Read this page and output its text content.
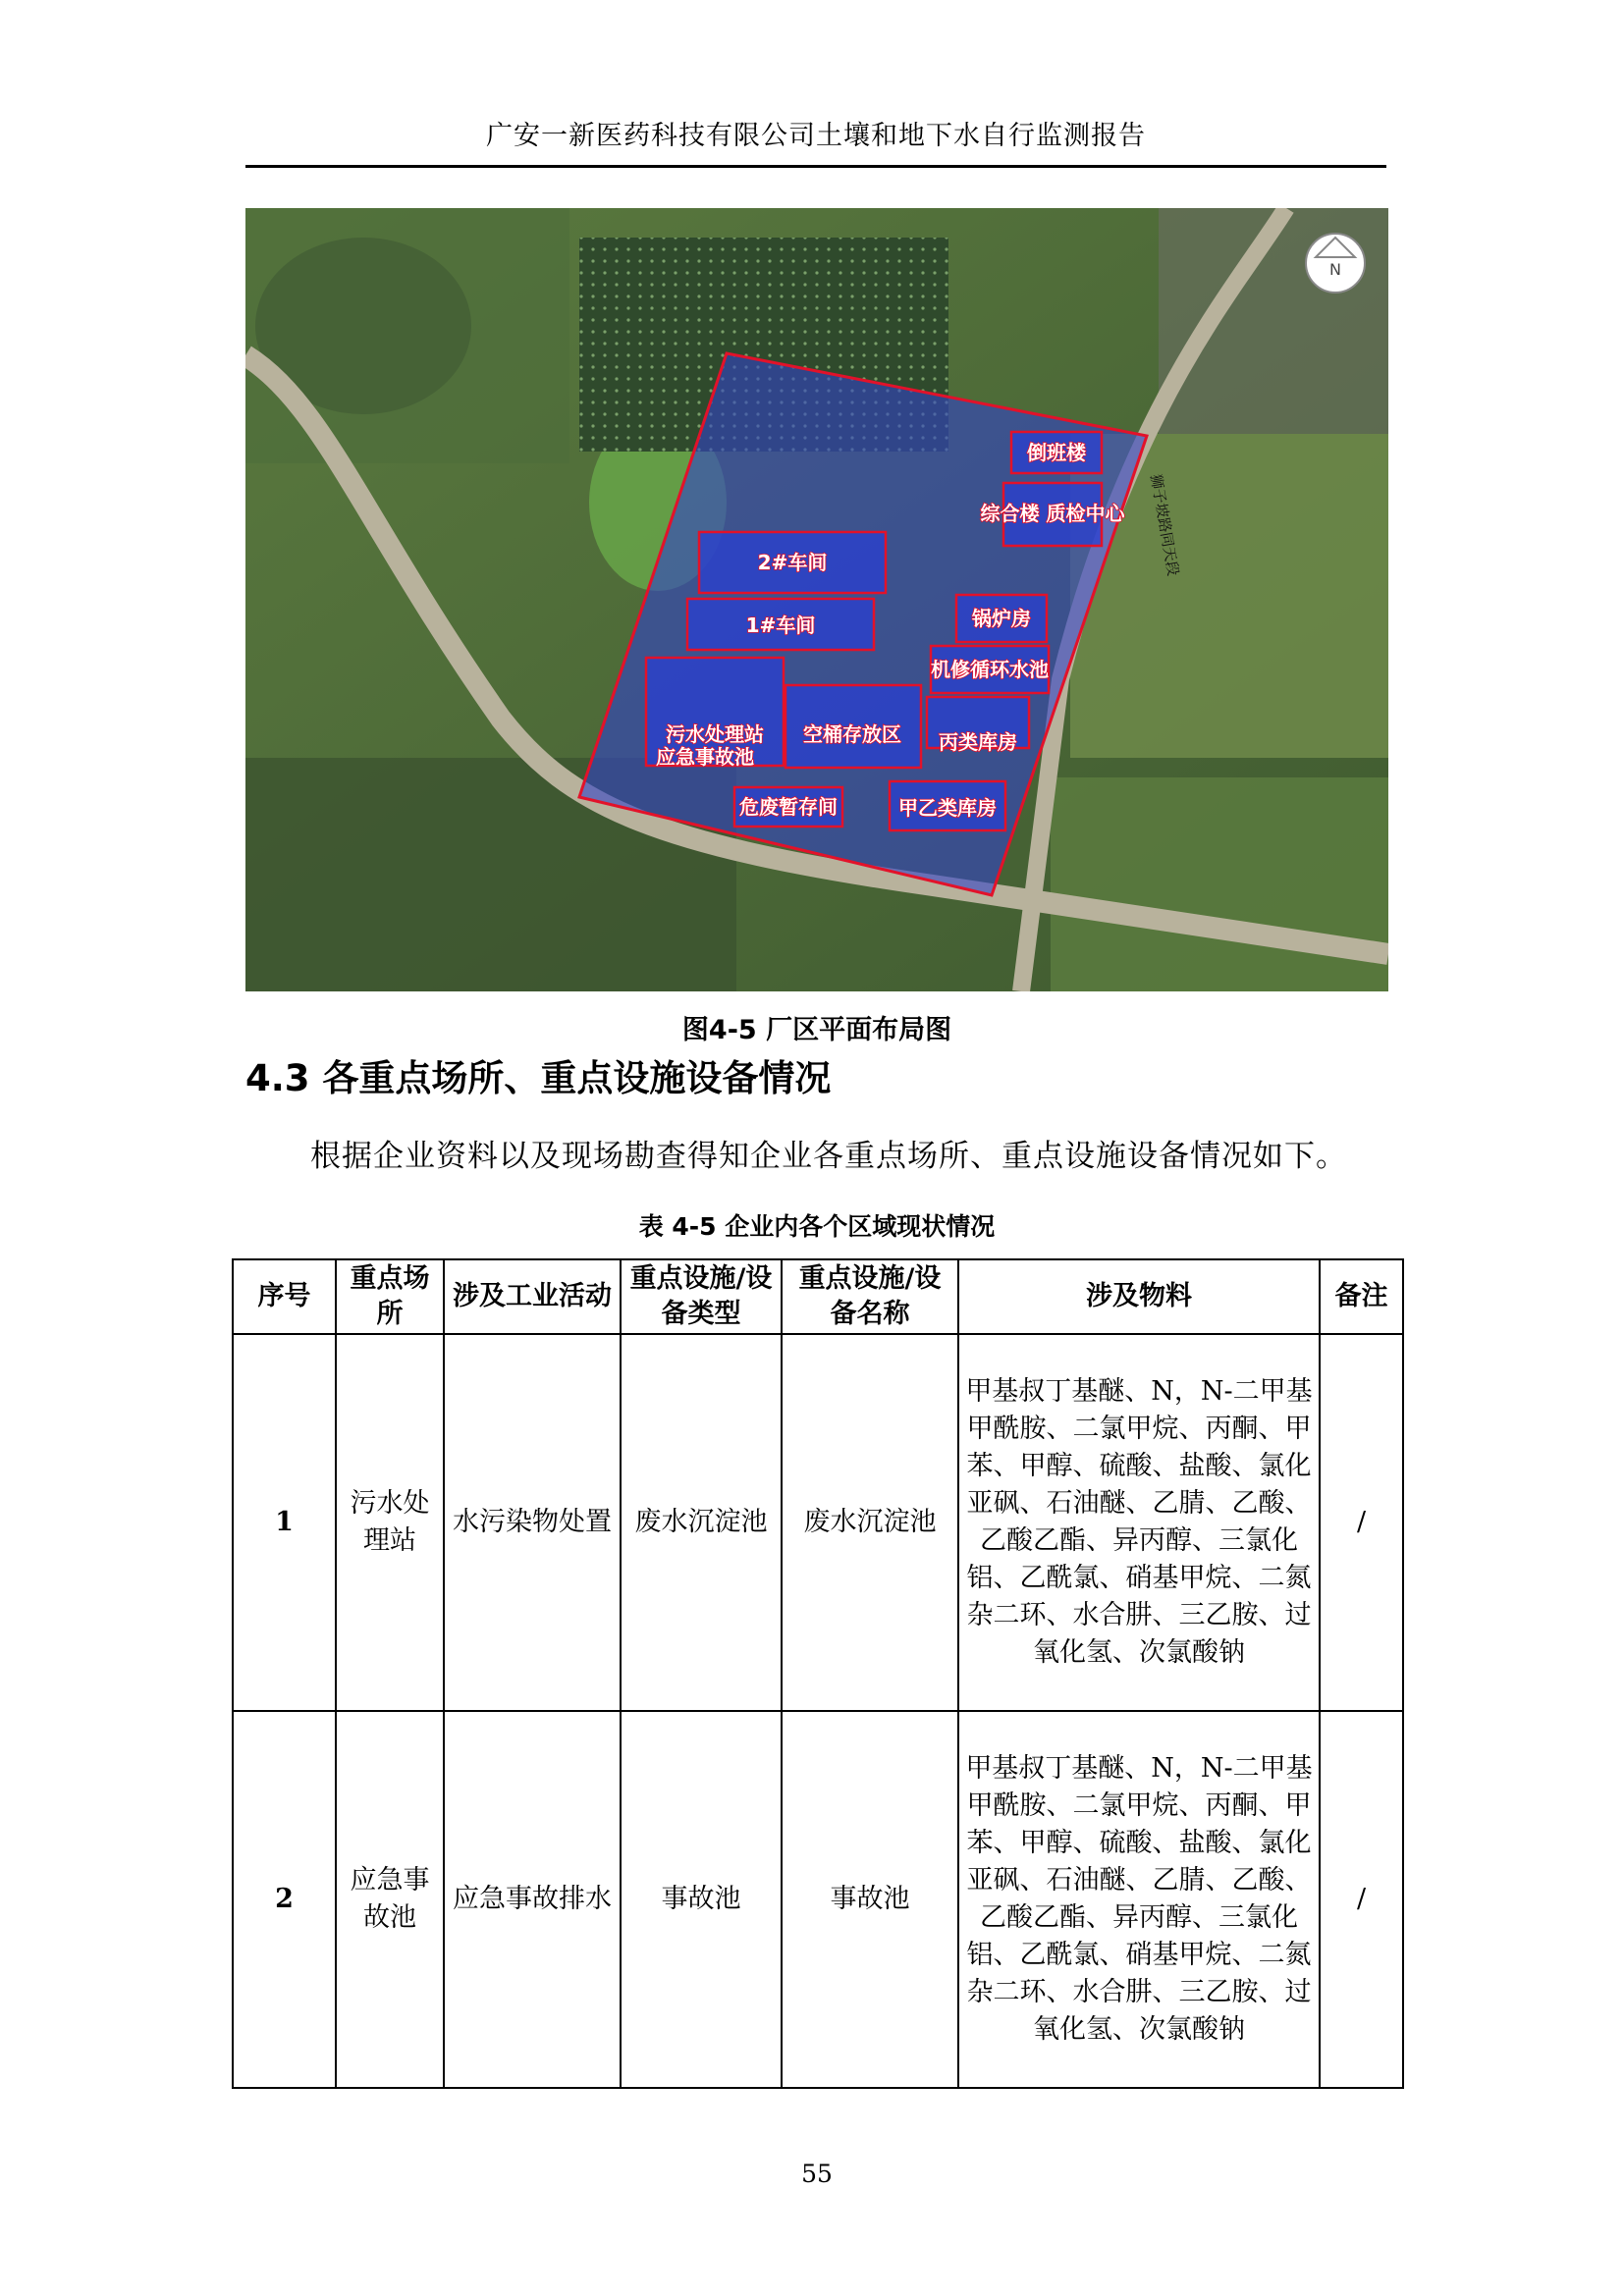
广安一新医药科技有限公司土壤和地下水自行监测报告
倒班楼
综合楼 质检中心
2#车间
1#车间	锅炉房
机修循环水池
污水处理站 空桶存放区
应急事故池
丙类库房
危废暂存间	甲乙类库房
狮子坡路同天段
N
图4-5 厂区平面布局图
4.3 各重点场所、重点设施设备情况
根据企业资料以及现场勘查得知企业各重点场所、重点设施设备情况如下。
表 4-5 企业内各个区域现状情况
序号	重点场所	涉及工业活动	重点设施/设备类型	重点设施/设备名称	涉及物料	备注
1	污水处理站	水污染物处置	废水沉淀池	废水沉淀池	甲基叔丁基醚、N，N-二甲基甲酰胺、二氯甲烷、丙酮、甲苯、甲醇、硫酸、盐酸、氯化亚砜、石油醚、乙腈、乙酸、乙酸乙酯、异丙醇、三氯化铝、乙酰氯、硝基甲烷、二氮杂二环、水合肼、三乙胺、过氧化氢、次氯酸钠	/
2	应急事故池	应急事故排水	事故池	事故池	甲基叔丁基醚、N，N-二甲基甲酰胺、二氯甲烷、丙酮、甲苯、甲醇、硫酸、盐酸、氯化亚砜、石油醚、乙腈、乙酸、乙酸乙酯、异丙醇、三氯化铝、乙酰氯、硝基甲烷、二氮杂二环、水合肼、三乙胺、过氧化氢、次氯酸钠	/
55
